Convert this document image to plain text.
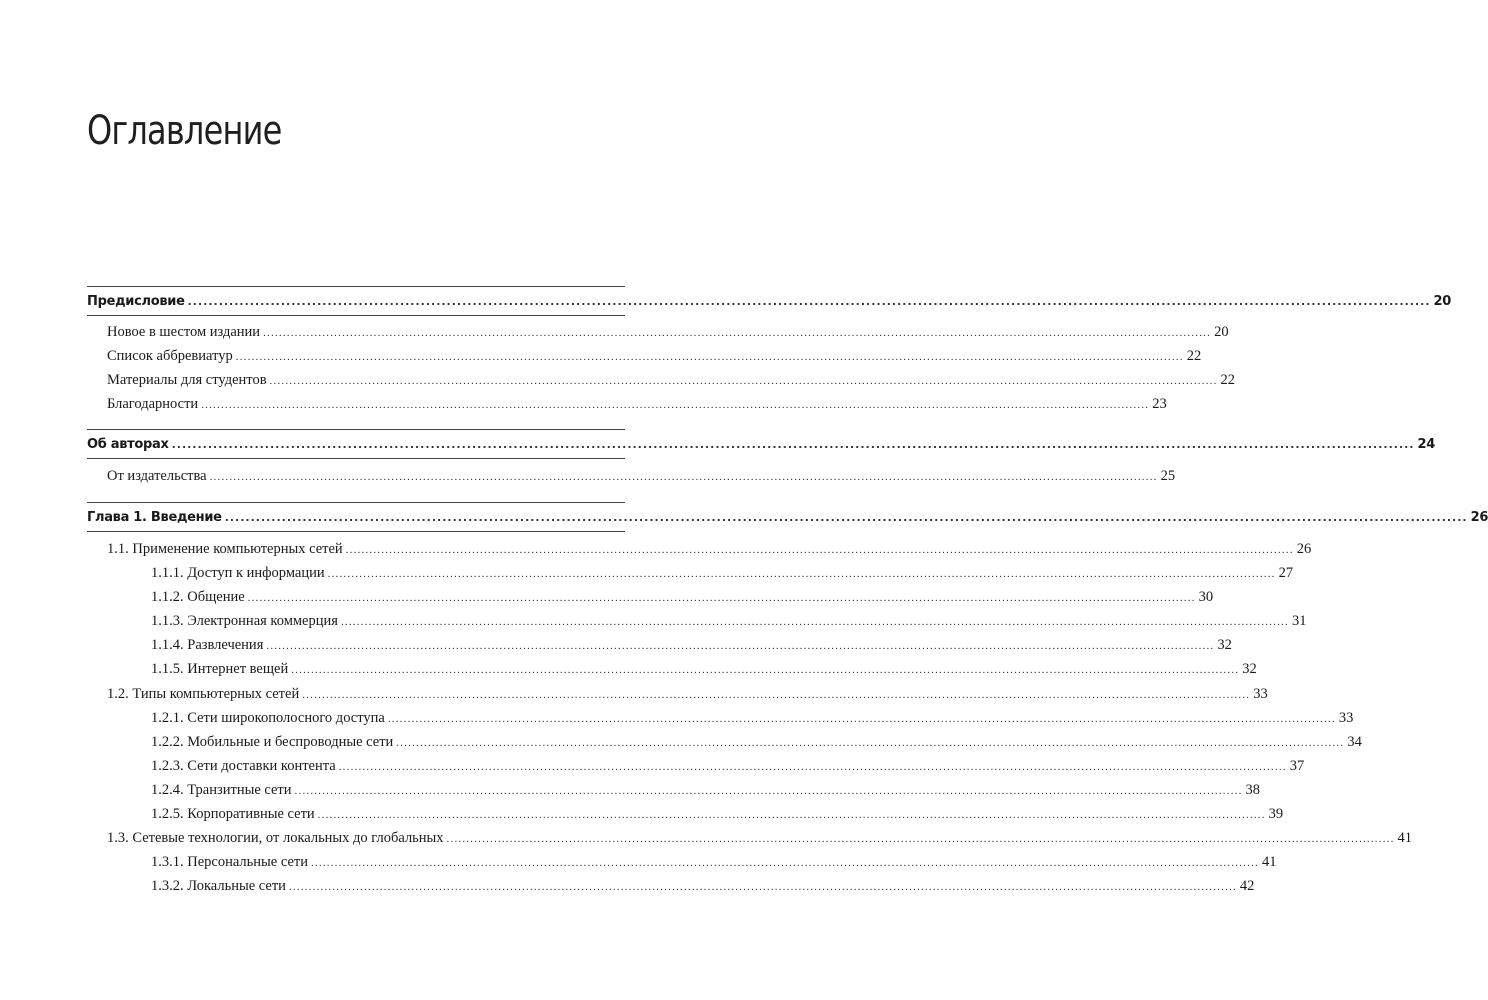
Оглавление
Предисловие ................................................................................................................................................................................................................................................ 20
Новое в шестом издании ................................................................................................................................................................................................................................................ 20
Список аббревиатур ................................................................................................................................................................................................................................................ 22
Материалы для студентов ................................................................................................................................................................................................................................................ 22
Благодарности ................................................................................................................................................................................................................................................ 23
Об авторах ................................................................................................................................................................................................................................................ 24
От издательства ................................................................................................................................................................................................................................................ 25
Глава 1. Введение ................................................................................................................................................................................................................................................ 26
1.1. Применение компьютерных сетей ................................................................................................................................................................................................................................................ 26
1.1.1. Доступ к информации ................................................................................................................................................................................................................................................ 27
1.1.2. Общение ................................................................................................................................................................................................................................................ 30
1.1.3. Электронная коммерция ................................................................................................................................................................................................................................................ 31
1.1.4. Развлечения ................................................................................................................................................................................................................................................ 32
1.1.5. Интернет вещей ................................................................................................................................................................................................................................................ 32
1.2. Типы компьютерных сетей ................................................................................................................................................................................................................................................ 33
1.2.1. Сети широкополосного доступа ................................................................................................................................................................................................................................................ 33
1.2.2. Мобильные и беспроводные сети ................................................................................................................................................................................................................................................ 34
1.2.3. Сети доставки контента ................................................................................................................................................................................................................................................ 37
1.2.4. Транзитные сети ................................................................................................................................................................................................................................................ 38
1.2.5. Корпоративные сети ................................................................................................................................................................................................................................................ 39
1.3. Сетевые технологии, от локальных до глобальных ................................................................................................................................................................................................................................................ 41
1.3.1. Персональные сети ................................................................................................................................................................................................................................................ 41
1.3.2. Локальные сети ................................................................................................................................................................................................................................................ 42
